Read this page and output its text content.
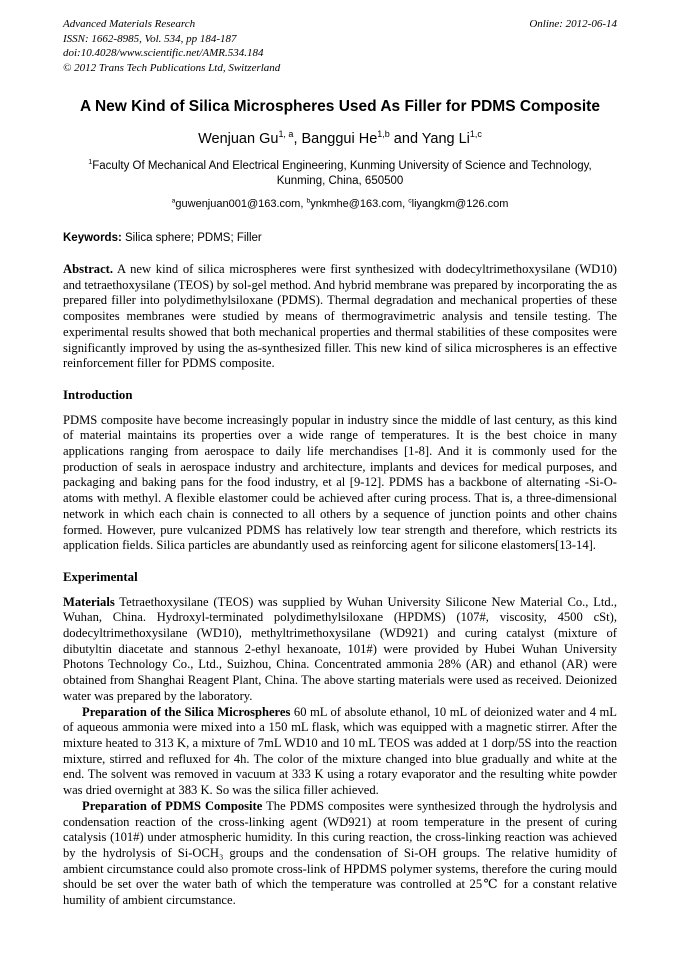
Advanced Materials Research
ISSN: 1662-8985, Vol. 534, pp 184-187
doi:10.4028/www.scientific.net/AMR.534.184
© 2012 Trans Tech Publications Ltd, Switzerland
Online: 2012-06-14
A New Kind of Silica Microspheres Used As Filler for PDMS Composite
Wenjuan Gu$^{1, a}$, Banggui He$^{1,b}$ and Yang Li$^{1,c}$
$^1$Faculty Of Mechanical And Electrical Engineering, Kunming University of Science and Technology, Kunming, China, 650500
$^a$guwenjuan001@163.com, $^b$ynkmhe@163.com, $^c$liyangkm@126.com
Keywords: Silica sphere; PDMS; Filler

Abstract. A new kind of silica microspheres were first synthesized with dodecyltrimethoxysilane (WD10) and tetraethoxysilane (TEOS) by sol-gel method. And hybrid membrane was prepared by incorporating the as prepared filler into polydimethylsiloxane (PDMS). Thermal degradation and mechanical properties of these composites membranes were studied by means of thermogravimetric analysis and tensile testing. The experimental results showed that both mechanical properties and thermal stabilities of these composites were significantly improved by using the as-synthesized filler. This new kind of silica microspheres is an effective reinforcement filler for PDMS composite.

Introduction

PDMS composite have become increasingly popular in industry since the middle of last century, as this kind of material maintains its properties over a wide range of temperatures. It is the best choice in many applications ranging from aerospace to daily life merchandises [1-8]. And it is commonly used for the production of seals in aerospace industry and architecture, implants and devices for medical purposes, and packaging and baking pans for the food industry, et al [9-12]. PDMS has a backbone of alternating -Si-O- atoms with methyl. A flexible elastomer could be achieved after curing process. That is, a three-dimensional network in which each chain is connected to all others by a sequence of junction points and other chains formed. However, pure vulcanized PDMS has relatively low tear strength and therefore, which restricts its application fields. Silica particles are abundantly used as reinforcing agent for silicone elastomers[13-14].

Experimental

Materials Tetraethoxysilane (TEOS) was supplied by Wuhan University Silicone New Material Co., Ltd., Wuhan, China. Hydroxyl-terminated polydimethylsiloxane (HPDMS) (107#, viscosity, 4500 cSt), dodecyltrimethoxysilane (WD10), methyltrimethoxysilane (WD921) and curing catalyst (mixture of dibutyltin diacetate and stannous 2-ethyl hexanoate, 101#) were provided by Hubei Wuhan University Photons Technology Co., Ltd., Suizhou, China. Concentrated ammonia 28% (AR) and ethanol (AR) were obtained from Shanghai Reagent Plant, China. The above starting materials were used as received. Deionized water was prepared by the laboratory.

Preparation of the Silica Microspheres 60 mL of absolute ethanol, 10 mL of deionized water and 4 mL of aqueous ammonia were mixed into a 150 mL flask, which was equipped with a magnetic stirrer. After the mixture heated to 313 K, a mixture of 7mL WD10 and 10 mL TEOS was added at 1 dorp/5S into the reaction mixture, stirred and refluxed for 4h. The color of the mixture changed into blue gradually and white at the end. The solvent was removed in vacuum at 333 K using a rotary evaporator and the resulting white powder was dried overnight at 383 K. So was the silica filler achieved.

Preparation of PDMS Composite The PDMS composites were synthesized through the hydrolysis and condensation reaction of the cross-linking agent (WD921) at room temperature in the present of curing catalysis (101#) under atmospheric humidity. In this curing reaction, the cross-linking reaction was achieved by the hydrolysis of Si-OCH₃ groups and the condensation of Si-OH groups. The relative humidity of ambient circumstance could also promote cross-link of HPDMS polymer systems, therefore the curing mould should be set over the water bath of which the temperature was controlled at 25℃ for a constant relative humility of ambient circumstance.
